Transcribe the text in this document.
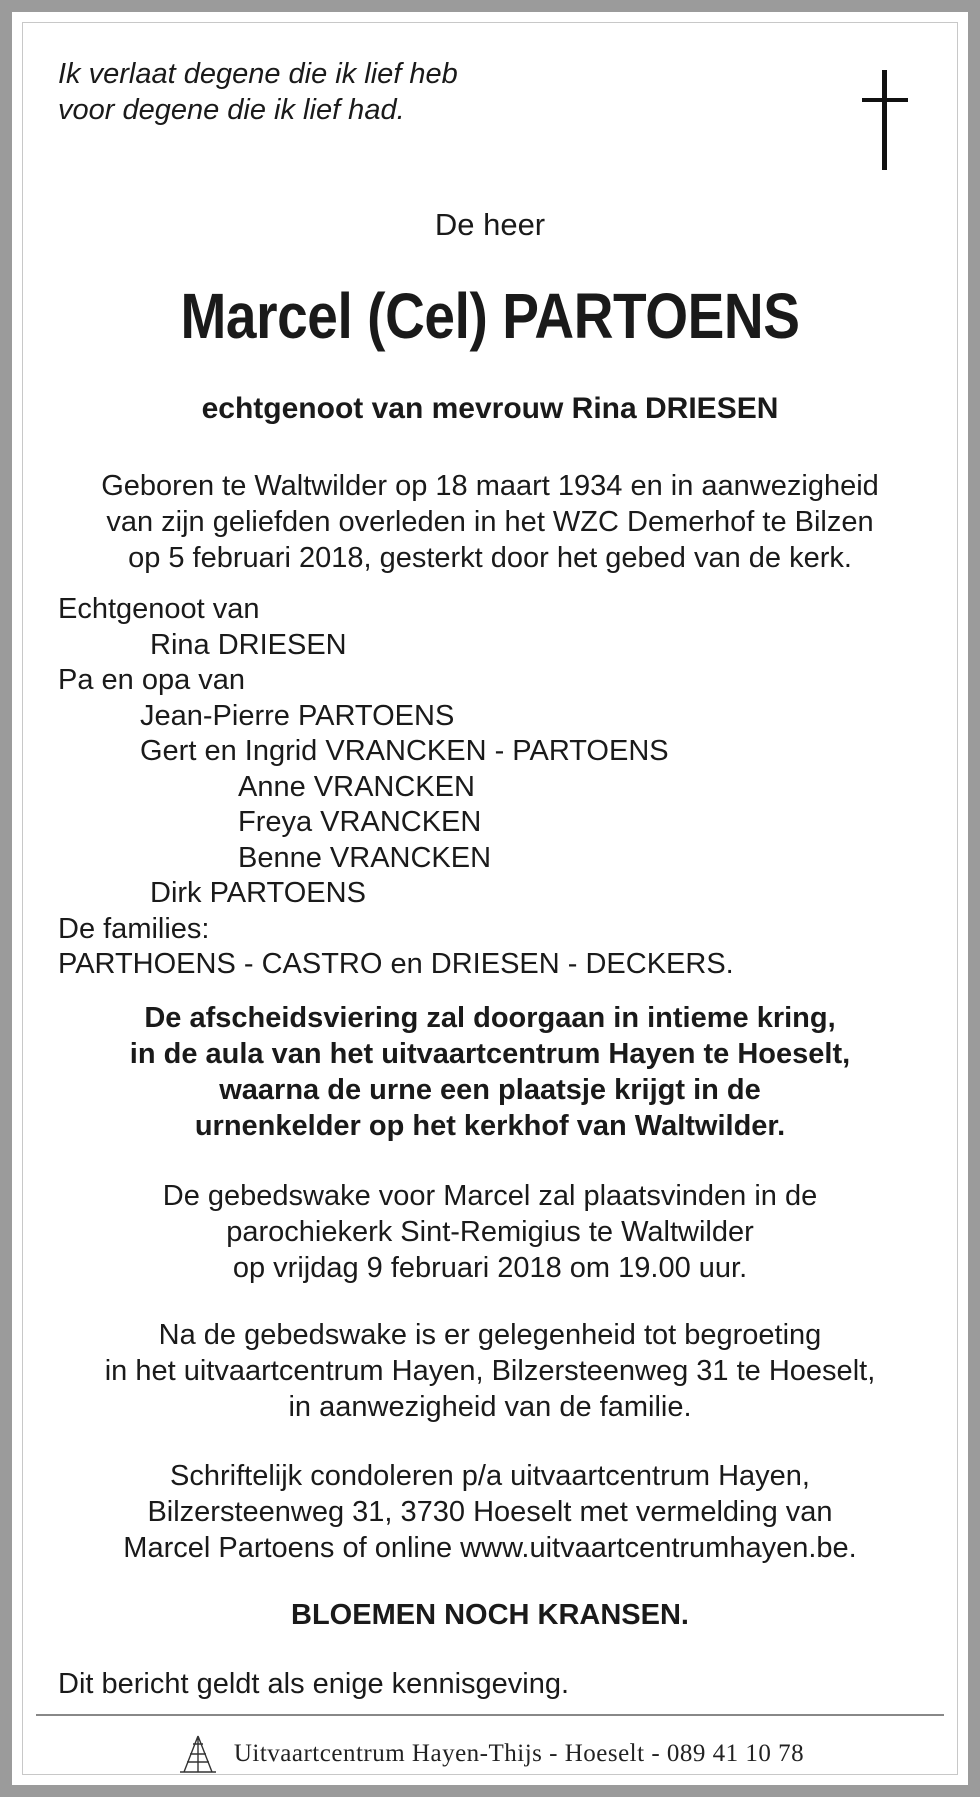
Ik verlaat degene die ik lief heb
voor degene die ik lief had.
De heer
Marcel (Cel) PARTOENS
echtgenoot van mevrouw Rina DRIESEN
Geboren te Waltwilder op 18 maart 1934 en in aanwezigheid
van zijn geliefden overleden in het WZC Demerhof te Bilzen
op 5 februari 2018, gesterkt door het gebed van de kerk.
Echtgenoot van
Rina DRIESEN
Pa en opa van
Jean-Pierre PARTOENS
Gert en Ingrid VRANCKEN - PARTOENS
Anne VRANCKEN
Freya VRANCKEN
Benne VRANCKEN
Dirk PARTOENS
De families:
PARTHOENS - CASTRO en DRIESEN - DECKERS.
De afscheidsviering zal doorgaan in intieme kring,
in de aula van het uitvaartcentrum Hayen te Hoeselt,
waarna de urne een plaatsje krijgt in de
urnenkelder op het kerkhof van Waltwilder.
De gebedswake voor Marcel zal plaatsvinden in de
parochiekerk Sint-Remigius te Waltwilder
op vrijdag 9 februari 2018 om 19.00 uur.
Na de gebedswake is er gelegenheid tot begroeting
in het uitvaartcentrum Hayen, Bilzersteenweg 31 te Hoeselt,
in aanwezigheid van de familie.
Schriftelijk condoleren p/a uitvaartcentrum Hayen,
Bilzersteenweg 31, 3730 Hoeselt met vermelding van
Marcel Partoens of online www.uitvaartcentrumhayen.be.
BLOEMEN NOCH KRANSEN.
Dit bericht geldt als enige kennisgeving.
Uitvaartcentrum Hayen-Thijs - Hoeselt - 089 41 10 78
